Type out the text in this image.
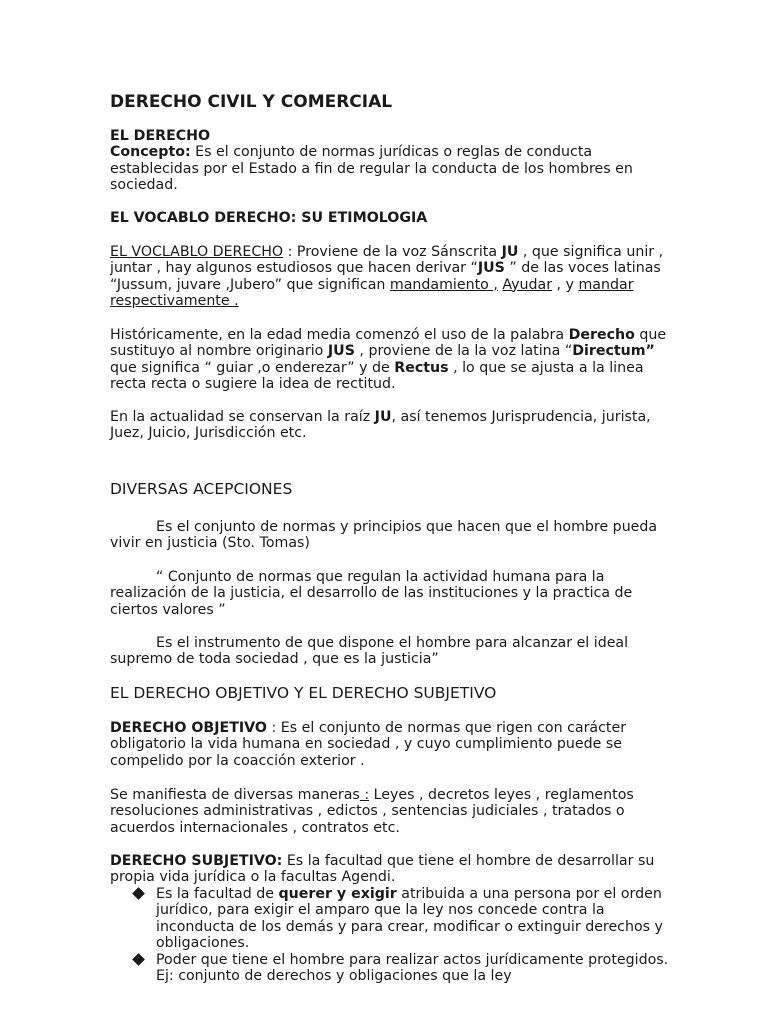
DERECHO CIVIL Y COMERCIAL
EL DERECHO
Concepto: Es el conjunto de normas jurídicas o reglas de conducta establecidas por el Estado a fin de regular la conducta de los hombres en sociedad.
EL VOCABLO DERECHO: SU ETIMOLOGIA
EL VOCLABLO DERECHO : Proviene de la voz Sánscrita JU , que significa unir , juntar , hay algunos estudiosos que hacen derivar “JUS ” de las voces latinas “Jussum, juvare ,Jubero” que significan mandamiento , Ayudar , y mandar respectivamente .
Históricamente, en la edad media comenzó el uso de la palabra Derecho que sustituyo al nombre originario JUS , proviene de la la voz latina “Directum” que significa “ guiar ,o enderezar” y de Rectus , lo que se ajusta a la linea recta recta o sugiere la idea de rectitud.
En la actualidad se conservan la raíz JU, así tenemos Jurisprudencia, jurista, Juez, Juicio, Jurisdicción etc.
DIVERSAS ACEPCIONES
Es el conjunto de normas y principios que hacen que el hombre pueda vivir en justicia (Sto. Tomas)
“ Conjunto de normas que regulan la actividad humana para la realización de la justicia, el desarrollo de las instituciones y la practica de ciertos valores ”
Es el instrumento de que dispone el hombre para alcanzar el ideal supremo de toda sociedad , que es la justicia”
EL DERECHO OBJETIVO Y EL DERECHO SUBJETIVO
DERECHO OBJETIVO : Es el conjunto de normas que rigen con carácter obligatorio la vida humana en sociedad , y cuyo cumplimiento puede se compelido por la coacción exterior .
Se manifiesta de diversas maneras : Leyes , decretos leyes , reglamentos resoluciones administrativas , edictos , sentencias judiciales , tratados o acuerdos internacionales , contratos etc.
DERECHO SUBJETIVO: Es la facultad que tiene el hombre de desarrollar su propia vida jurídica o la facultas Agendi.
Es la facultad de querer y exigir atribuida a una persona por el orden jurídico, para exigir el amparo que la ley nos concede contra la inconducta de los demás y para crear, modificar o extinguir derechos y obligaciones.
Poder que tiene el hombre para realizar actos jurídicamente protegidos. Ej: conjunto de derechos y obligaciones que la ley
